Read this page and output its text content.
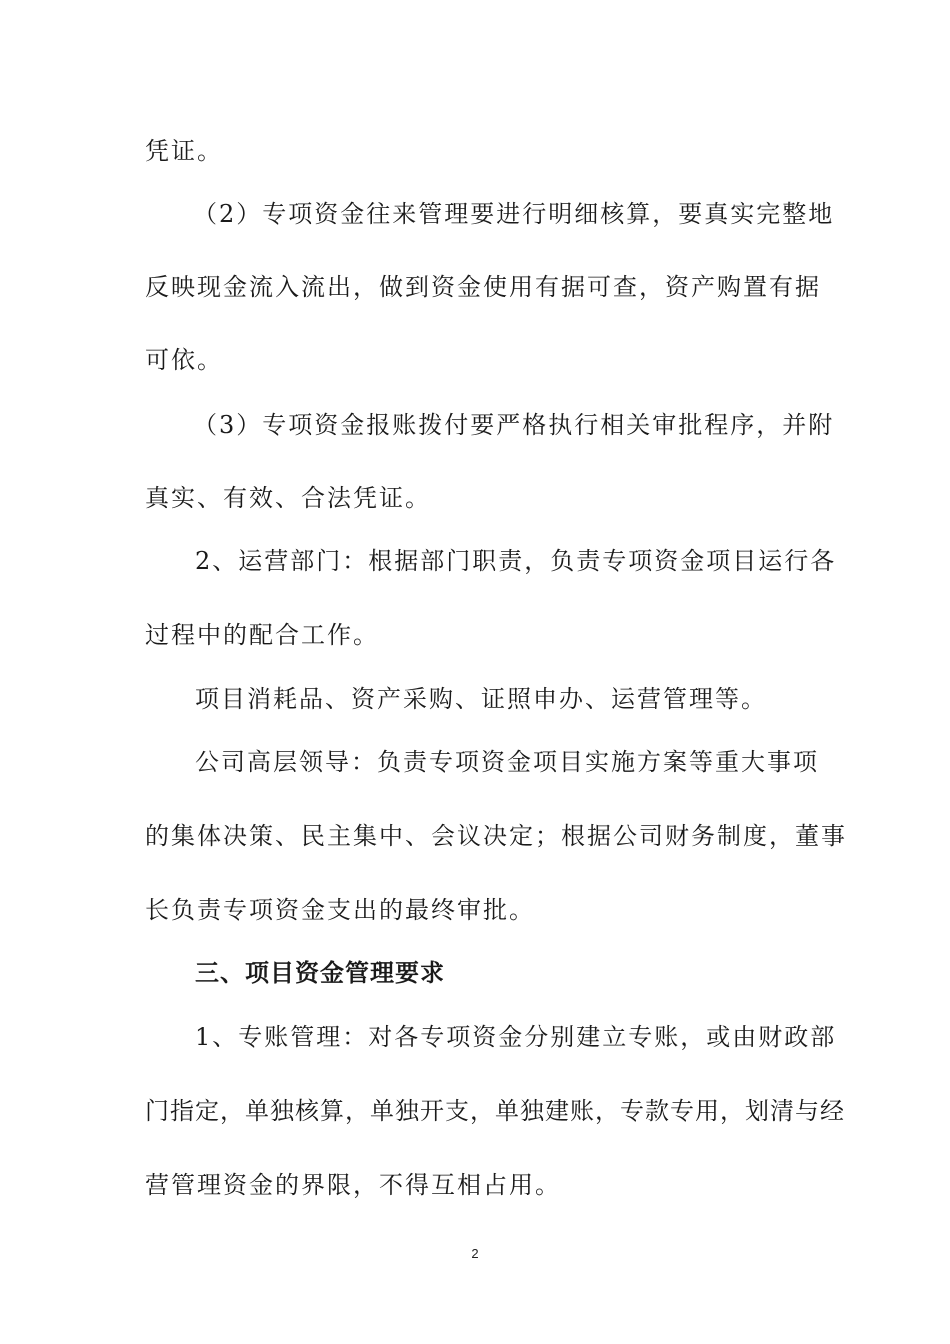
凭证。
（2）专项资金往来管理要进行明细核算，要真实完整地
反映现金流入流出，做到资金使用有据可查，资产购置有据
可依。
（3）专项资金报账拨付要严格执行相关审批程序，并附
真实、有效、合法凭证。
2、运营部门：根据部门职责，负责专项资金项目运行各
过程中的配合工作。
项目消耗品、资产采购、证照申办、运营管理等。
公司高层领导：负责专项资金项目实施方案等重大事项
的集体决策、民主集中、会议决定；根据公司财务制度，董事
长负责专项资金支出的最终审批。
三、项目资金管理要求
1、专账管理：对各专项资金分别建立专账，或由财政部
门指定，单独核算，单独开支，单独建账，专款专用，划清与经
营管理资金的界限，不得互相占用。
2
